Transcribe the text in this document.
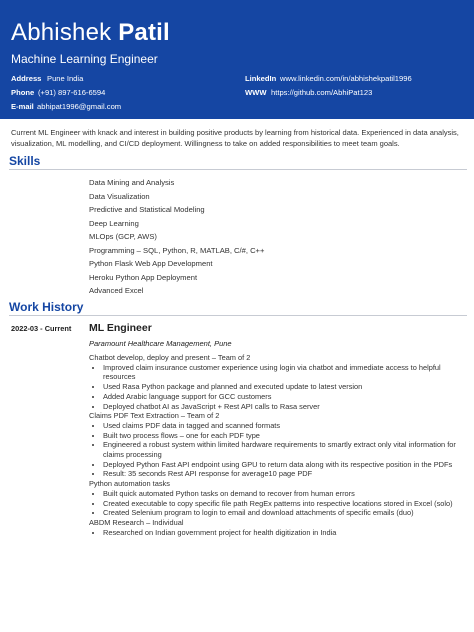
Abhishek Patil
Machine Learning Engineer
Address Pune India
Phone (+91) 897-616-6594
E-mail abhipat1996@gmail.com
LinkedIn www.linkedin.com/in/abhishekpatil1996
WWW https://github.com/AbhiPat123
Current ML Engineer with knack and interest in building positive products by learning from historical data. Experienced in data analysis, visualization, ML modelling, and CI/CD deployment. Willingness to take on added responsibilities to meet team goals.
Skills
Data Mining and Analysis
Data Visualization
Predictive and Statistical Modeling
Deep Learning
MLOps (GCP, AWS)
Programming – SQL, Python, R, MATLAB, C/#, C++
Python Flask Web App Development
Heroku Python App Deployment
Advanced Excel
Work History
2022-03 - Current ML Engineer
Paramount Healthcare Management, Pune
Chatbot develop, deploy and present – Team of 2
• Improved claim insurance customer experience using login via chatbot and immediate access to helpful resources
• Used Rasa Python package and planned and executed update to latest version
• Added Arabic language support for GCC customers
• Deployed chatbot AI as JavaScript + Rest API calls to Rasa server
Claims PDF Text Extraction – Team of 2
• Used claims PDF data in tagged and scanned formats
• Built two process flows – one for each PDF type
• Engineered a robust system within limited hardware requirements to smartly extract only vital information for claims processing
• Deployed Python Fast API endpoint using GPU to return data along with its respective position in the PDFs
• Result: 35 seconds Rest API response for average10 page PDF
Python automation tasks
• Built quick automated Python tasks on demand to recover from human errors
• Created executable to copy specific file path RegEx patterns into respective locations stored in Excel (solo)
• Created Selenium program to login to email and download attachments of specific emails (duo)
ABDM Research – Individual
• Researched on Indian government project for health digitization in India
